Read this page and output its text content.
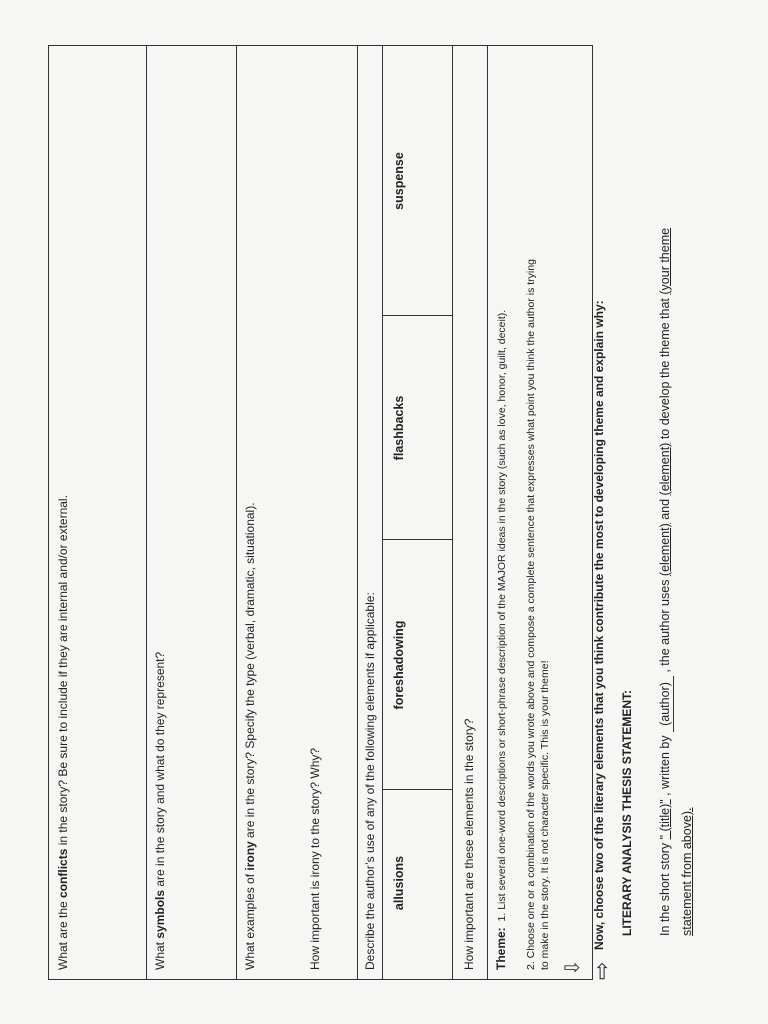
What are the conflicts in the story? Be sure to include if they are internal and/or external.
What symbols are in the story and what do they represent?
What examples of irony are in the story? Specify the type (verbal, dramatic, situational).
How important is irony to the story? Why?	Describe the author’s use of any of the following elements if applicable: allusions
foreshadowing
flashbacks
suspense
How important are these elements in the story? Theme:  1. List several one-word descriptions or short-phrase description of the MAJOR ideas in the story (such as love, honor, guilt, deceit). 2. Choose one or a combination of the words you wrote above and compose a complete sentence that expresses what point you think the author is trying to make in the story. It is not character specific. This is your theme! ⇩ ⇨
Now, choose two of the literary elements that you think contribute the most to developing theme and explain why: LITERARY ANALYSIS THESIS STATEMENT: In the short story " (title)" , written by (author) , the author uses (element) and (element) to develop the theme that (your theme
statement from above).
